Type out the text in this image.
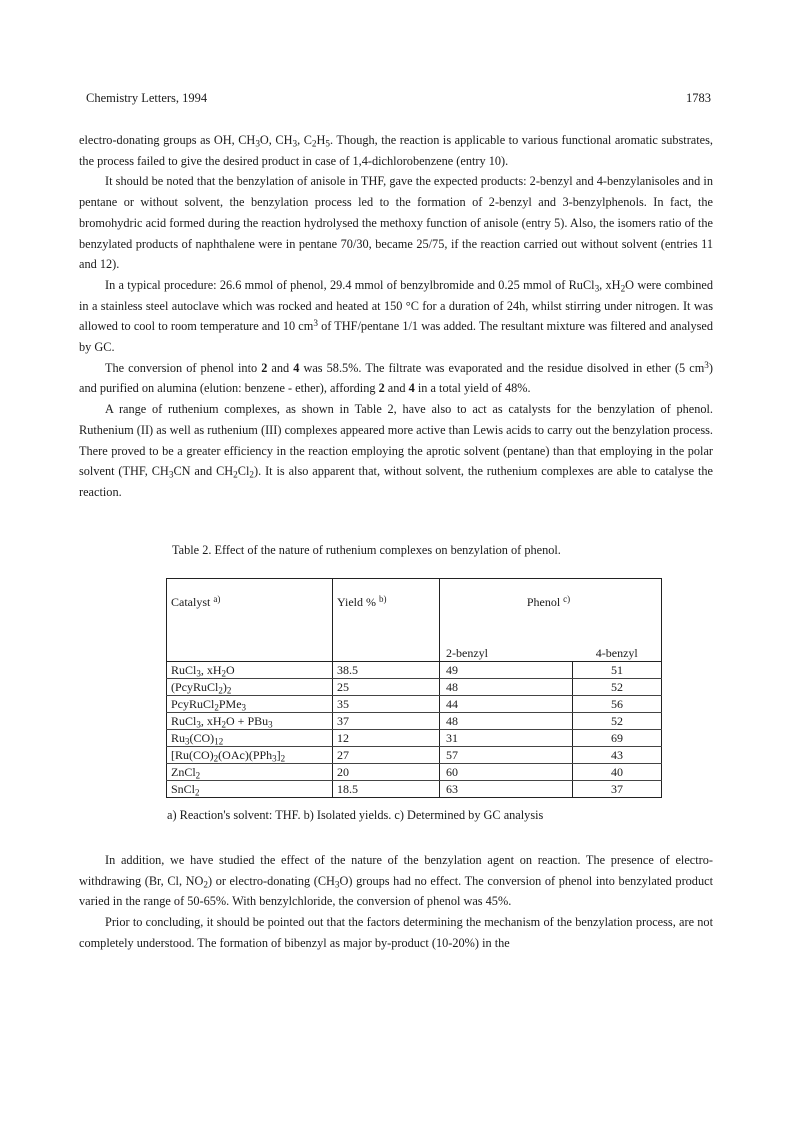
Chemistry Letters, 1994	1783

electro-donating groups as OH, $CH_3O$, $CH_3$, $C_2H_5$. Though, the reaction is applicable to various functional aromatic substrates, the process failed to give the desired product in case of 1,4-dichlorobenzene (entry 10).

It should be noted that the benzylation of anisole in THF, gave the expected products: 2-benzyl and 4-benzylanisoles and in pentane or without solvent, the benzylation process led to the formation of 2-benzyl and 3-benzylphenols. In fact, the bromohydric acid formed during the reaction hydrolysed the methoxy function of anisole (entry 5). Also, the isomers ratio of the benzylated products of naphthalene were in pentane 70/30, became 25/75, if the reaction carried out without solvent (entries 11 and 12).

In a typical procedure: 26.6 mmol of phenol, 29.4 mmol of benzylbromide and 0.25 mmol of RuCl$_3$, $xH_2O$ were combined in a stainless steel autoclave which was rocked and heated at 150 °C for a duration of 24h, whilst stirring under nitrogen. It was allowed to cool to room temperature and 10 $cm^3$ of THF/pentane 1/1 was added. The resultant mixture was filtered and analysed by GC.

The conversion of phenol into 2 and 4 was 58.5%. The filtrate was evaporated and the residue disolved in ether (5 $cm^3$) and purified on alumina (elution: benzene - ether), affording 2 and 4 in a total yield of 48%.

A range of ruthenium complexes, as shown in Table 2, have also to act as catalysts for the benzylation of phenol. Ruthenium (II) as well as ruthenium (III) complexes appeared more active than Lewis acids to carry out the benzylation process. There proved to be a greater efficiency in the reaction employing the aprotic solvent (pentane) than that employing in the polar solvent (THF, $CH_3CN$ and $CH_2Cl_2$). It is also apparent that, without solvent, the ruthenium complexes are able to catalyse the reaction.

Table 2. Effect of the nature of ruthenium complexes on benzylation of phenol.
Catalyst $^{a)}$	Yield % $^{b)}$	Phenol $^{c)}$
		2-benzyl	4-benzyl
RuCl$_3$, $xH_2O$	38.5	49	51
$(PcyRuCl_2)_2$	25	48	52
PcyRuCl$_2$PMe$_3$	35	44	56
RuCl$_3$, $xH_2O + PBu_3$	37	48	52
$Ru_3(CO)_{12}$	12	31	69
[$Ru(CO)_2(OAc)(PPh_3]_2$	27	57	43
ZnCl$_2$	20	60	40
SnCl$_2$	18.5	63	37
a) Reaction's solvent: THF. b) Isolated yields. c) Determined by GC analysis

In addition, we have studied the effect of the nature of the benzylation agent on reaction. The presence of electro-withdrawing (Br, Cl, $NO_2$) or electro-donating $(CH_3O)$ groups had no effect. The conversion of phenol into benzylated product varied in the range of 50-65%. With benzylchloride, the conversion of phenol was 45%.

Prior to concluding, it should be pointed out that the factors determining the mechanism of the benzylation process, are not completely understood. The formation of bibenzyl as major by-product (10-20%) in the
